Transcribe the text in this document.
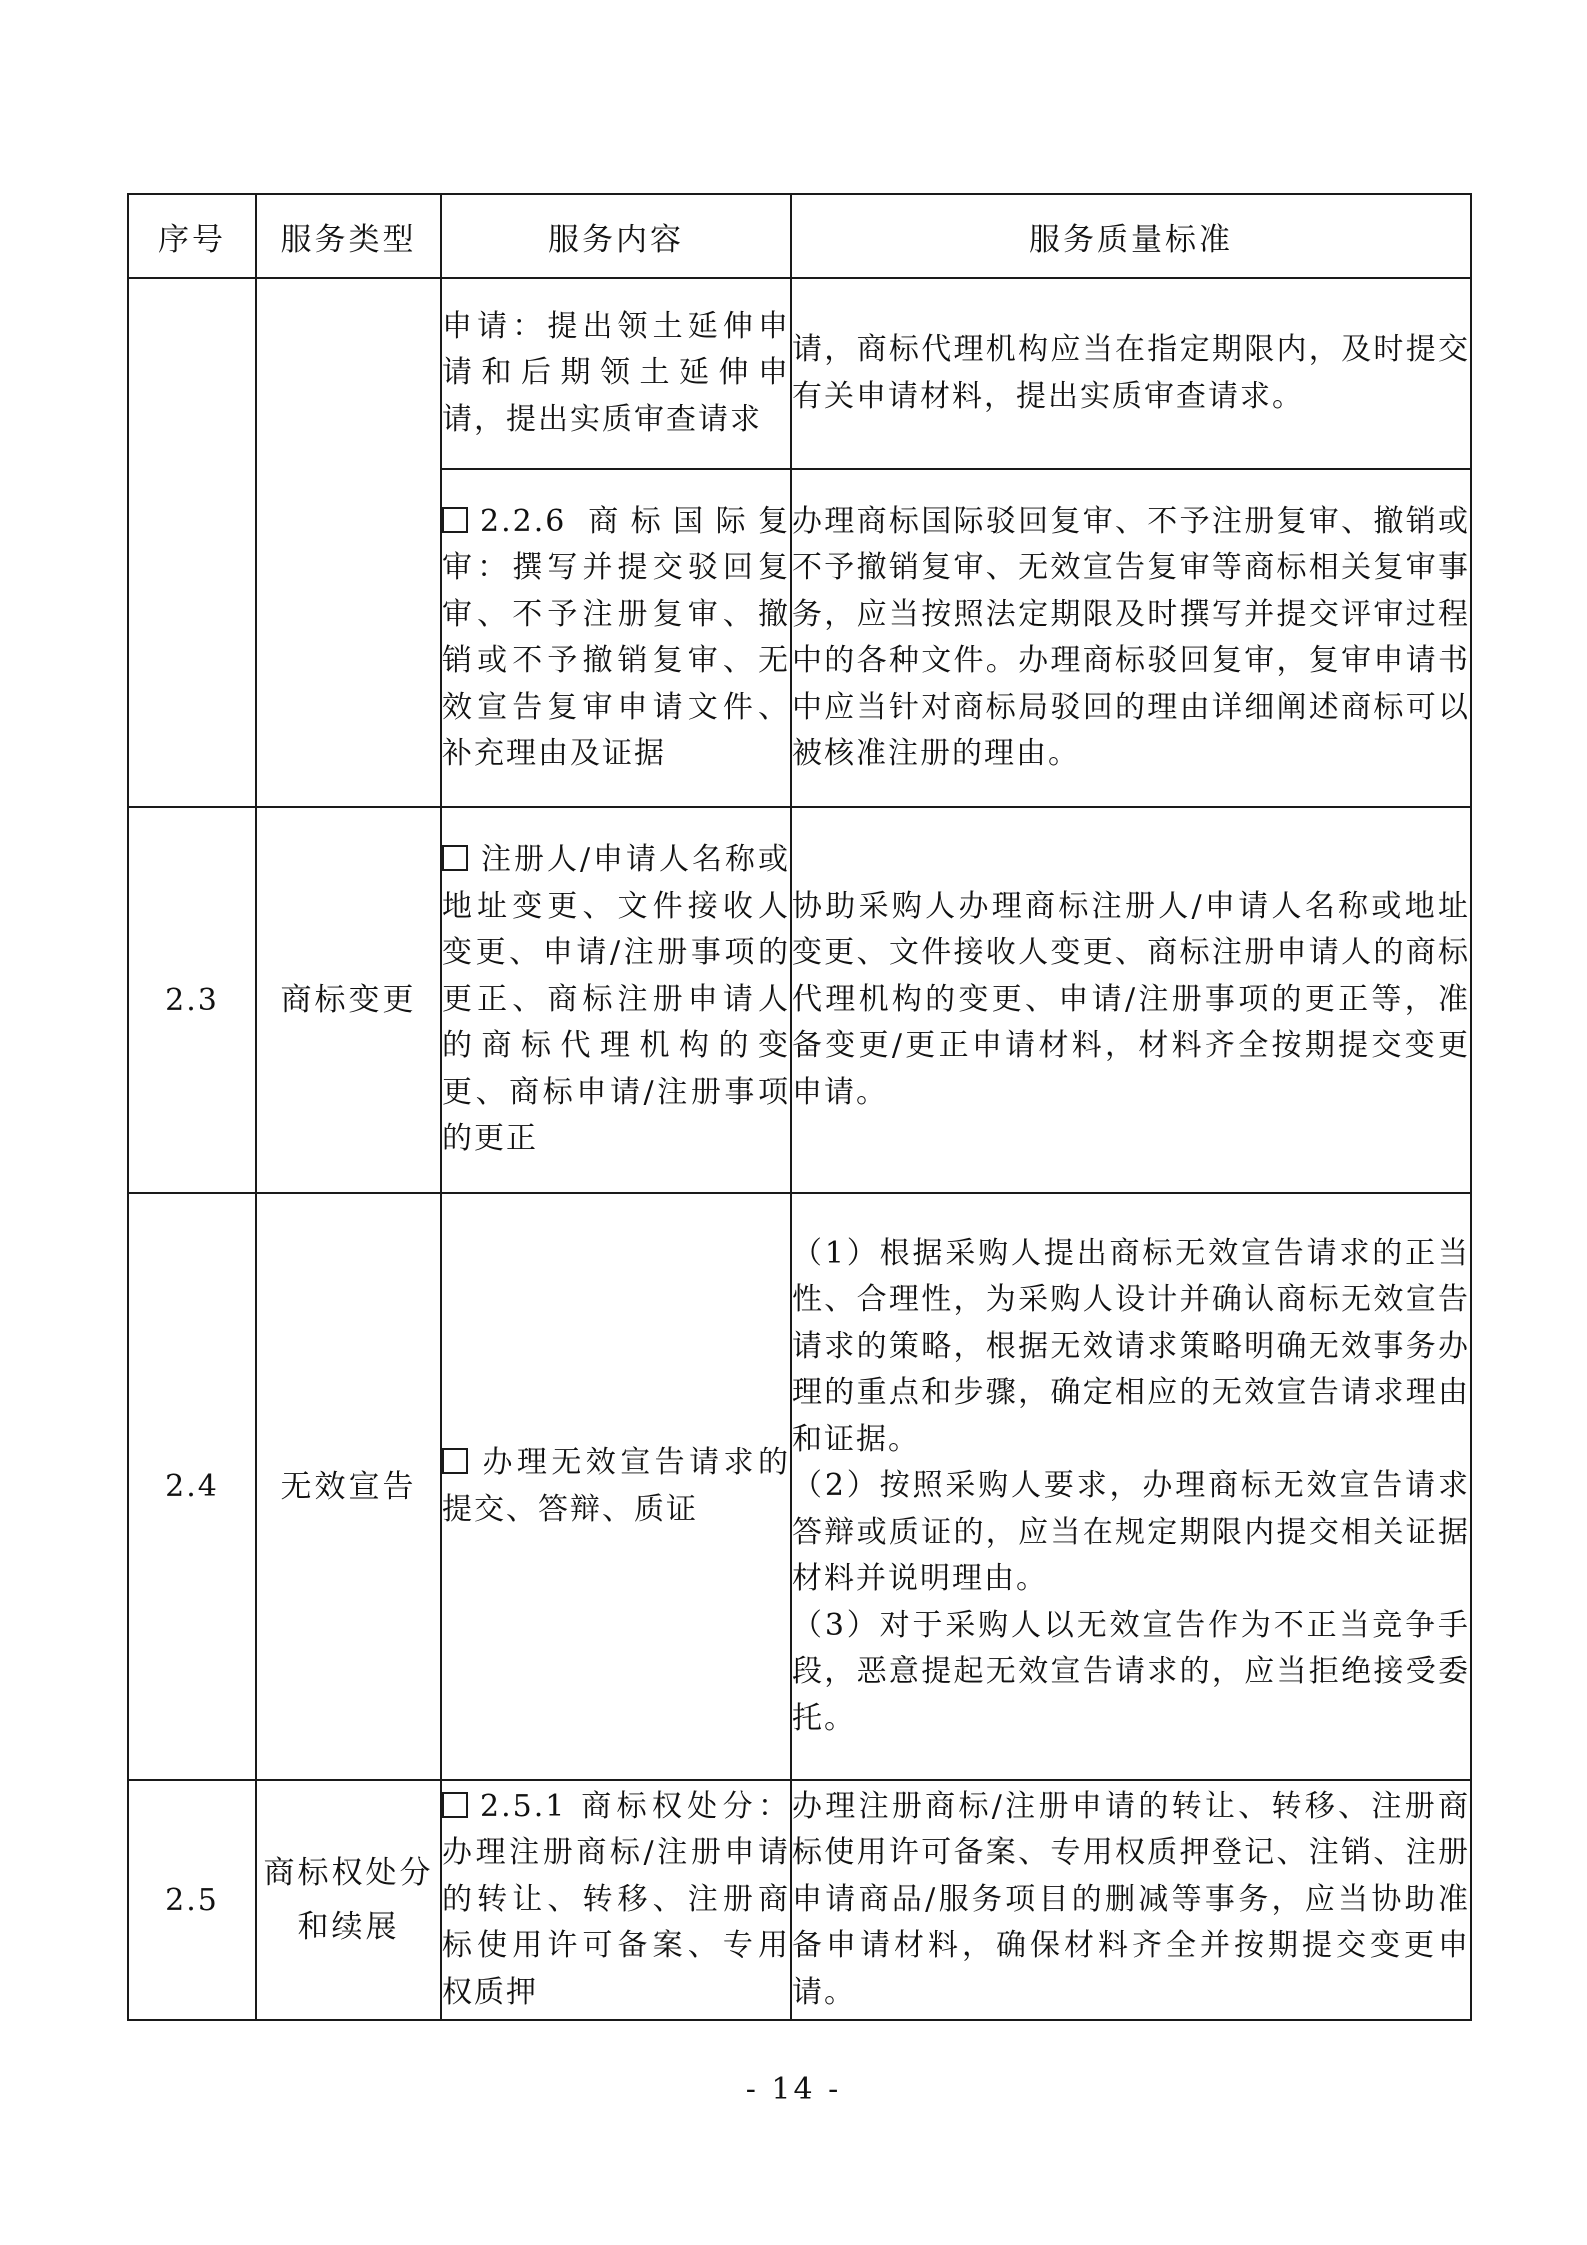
序号	服务类型	服务内容	服务质量标准
		申请：提出领土延伸申请和后期领土延伸申请，提出实质审查请求	请，商标代理机构应当在指定期限内，及时提交有关申请材料，提出实质审查请求。
		2.2.6 商标国际复审：撰写并提交驳回复审、不予注册复审、撤销或不予撤销复审、无效宣告复审申请文件、补充理由及证据	办理商标国际驳回复审、不予注册复审、撤销或不予撤销复审、无效宣告复审等商标相关复审事务，应当按照法定期限及时撰写并提交评审过程中的各种文件。办理商标驳回复审，复审申请书中应当针对商标局驳回的理由详细阐述商标可以被核准注册的理由。
2.3	商标变更	注册人/申请人名称或地址变更、文件接收人变更、申请/注册事项的更正、商标注册申请人的商标代理机构的变更、商标申请/注册事项的更正	协助采购人办理商标注册人/申请人名称或地址变更、文件接收人变更、商标注册申请人的商标代理机构的变更、申请/注册事项的更正等，准备变更/更正申请材料，材料齐全按期提交变更申请。
2.4	无效宣告	办理无效宣告请求的提交、答辩、质证	（1）根据采购人提出商标无效宣告请求的正当性、合理性，为采购人设计并确认商标无效宣告请求的策略，根据无效请求策略明确无效事务办理的重点和步骤，确定相应的无效宣告请求理由和证据。
（2）按照采购人要求，办理商标无效宣告请求答辩或质证的，应当在规定期限内提交相关证据材料并说明理由。
（3）对于采购人以无效宣告作为不正当竞争手段，恶意提起无效宣告请求的，应当拒绝接受委托。

2.5	商标权处分和续展	2.5.1 商标权处分：办理注册商标/注册申请的转让、转移、注册商标使用许可备案、专用权质押	办理注册商标/注册申请的转让、转移、注册商标使用许可备案、专用权质押登记、注销、注册申请商品/服务项目的删减等事务，应当协助准备申请材料，确保材料齐全并按期提交变更申请。
- 14 -
